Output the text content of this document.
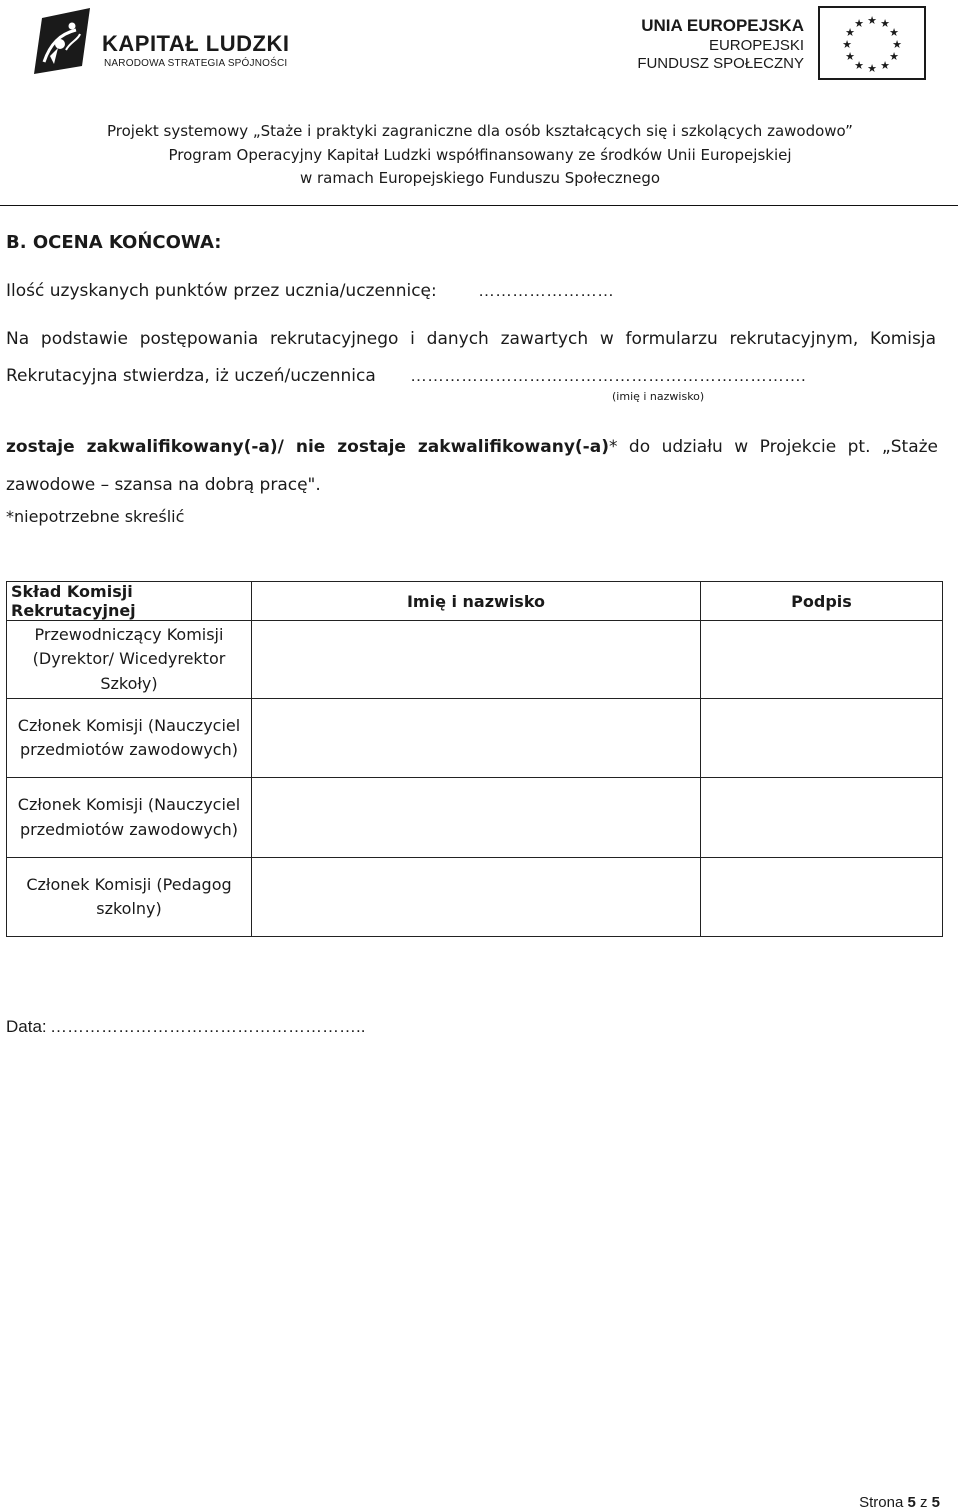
KAPITAŁ LUDZKI
NARODOWA STRATEGIA SPÓJNOŚCI
UNIA EUROPEJSKA
EUROPEJSKI
FUNDUSZ SPOŁECZNY
★ ★
★
★
★
★
★
★
★
★
★
★
Projekt systemowy „Staże i praktyki zagraniczne dla osób kształcących się i szkolących zawodowo”
Program Operacyjny Kapitał Ludzki współfinansowany ze środków Unii Europejskiej
w ramach Europejskiego Funduszu Społecznego
B. OCENA KOŃCOWA:
Ilość uzyskanych punktów przez ucznia/uczennicę: ……………………
Na podstawie postępowania rekrutacyjnego i danych zawartych w formularzu rekrutacyjnym, Komisja
Rekrutacyjna stwierdza, iż uczeń/uczennica …………………………………………………………….
(imię i nazwisko)
zostaje zakwalifikowany(-a)/ nie zostaje zakwalifikowany(-a)* do udziału w Projekcie pt. „Staże zawodowe – szansa na dobrą pracę".
*niepotrzebne skreślić
Skład Komisji Rekrutacyjnej	Imię i nazwisko	Podpis
Przewodniczący Komisji (Dyrektor/ Wicedyrektor Szkoły)		
Członek Komisji (Nauczyciel przedmiotów zawodowych)		
Członek Komisji (Nauczyciel przedmiotów zawodowych)		
Członek Komisji (Pedagog szkolny)		
Data: ………………………………………………..
Strona 5 z 5
